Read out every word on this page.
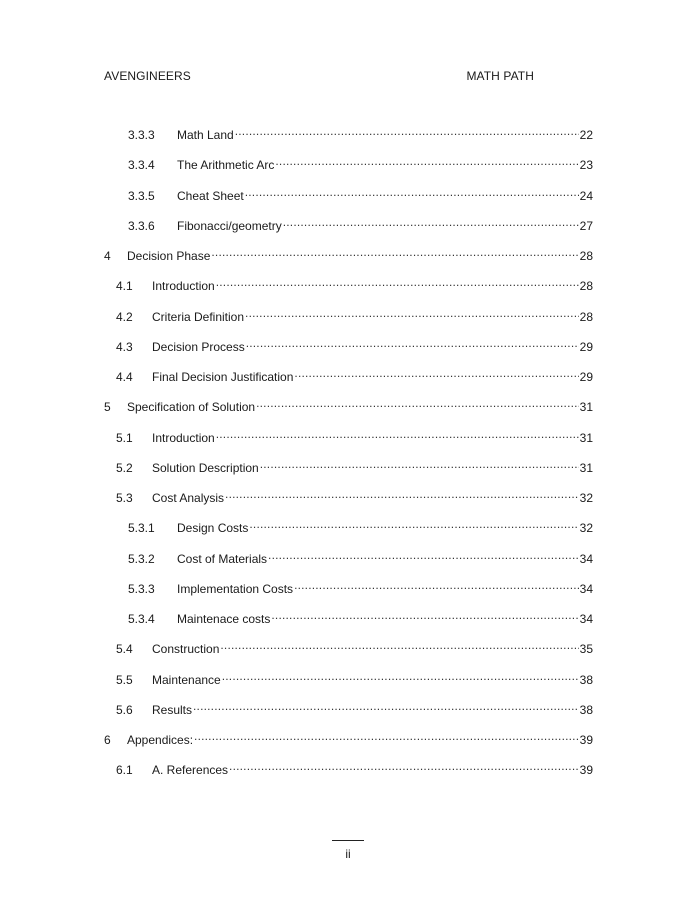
AVENGINEERS	MATH PATH
3.3.3	Math Land .....	22
3.3.4	The Arithmetic Arc .....	23
3.3.5	Cheat Sheet .....	24
3.3.6	Fibonacci/geometry .....	27
4	Decision Phase .....	28
4.1	Introduction .....	28
4.2	Criteria Definition .....	28
4.3	Decision Process .....	29
4.4	Final Decision Justification .....	29
5	Specification of Solution .....	31
5.1	Introduction .....	31
5.2	Solution Description .....	31
5.3	Cost Analysis .....	32
5.3.1	Design Costs .....	32
5.3.2	Cost of Materials .....	34
5.3.3	Implementation Costs .....	34
5.3.4	Maintenace costs .....	34
5.4	Construction .....	35
5.5	Maintenance .....	38
5.6	Results .....	38
6	Appendices: .....	39
6.1	A. References .....	39
ii
